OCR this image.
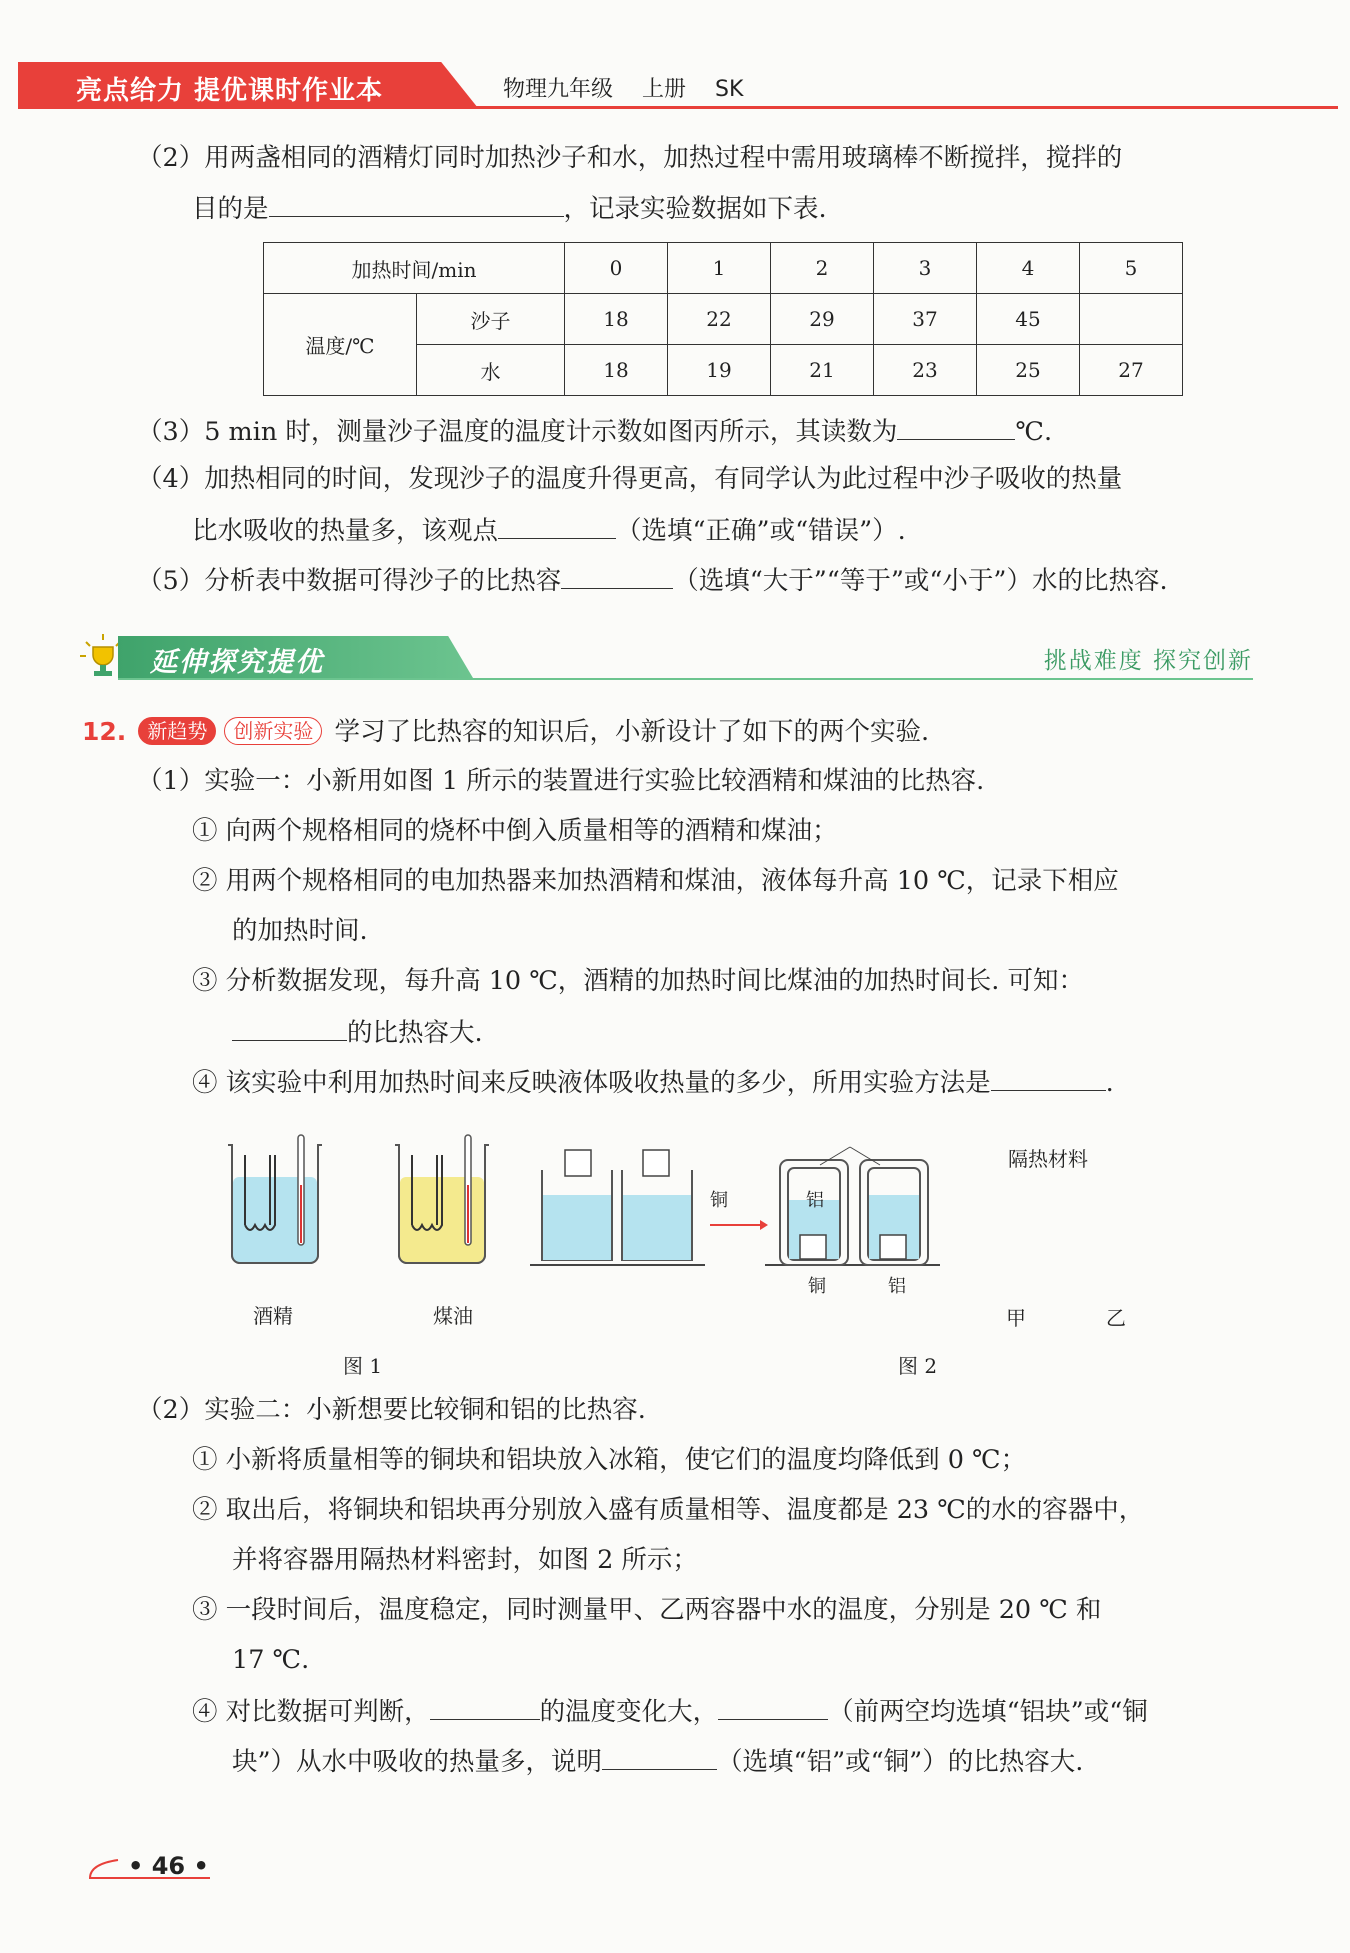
亮点给力 提优课时作业本	物理九年级 上册 SK
（2）用两盏相同的酒精灯同时加热沙子和水，加热过程中需用玻璃棒不断搅拌，搅拌的
目的是	，记录实验数据如下表.
加热时间/min		0	1	2	3	4	5
温度/℃	沙子	18	22	29	37	45	
	水	18	19	21	23	25	27
（3）5 min 时，测量沙子温度的温度计示数如图丙所示，其读数为	℃.
（4）加热相同的时间，发现沙子的温度升得更高，有同学认为此过程中沙子吸收的热量
比水吸收的热量多，该观点	（选填“正确”或“错误”）.
（5）分析表中数据可得沙子的比热容	（选填“大于”“等于”或“小于”）水的比热容.
延伸探究提优	挑战难度 探究创新
12. 新趋势 创新实验 学习了比热容的知识后，小新设计了如下的两个实验.
（1）实验一：小新用如图 1 所示的装置进行实验比较酒精和煤油的比热容.
① 向两个规格相同的烧杯中倒入质量相等的酒精和煤油；
② 用两个规格相同的电加热器来加热酒精和煤油，液体每升高 10 ℃，记录下相应
的加热时间.
③ 分析数据发现，每升高 10 ℃，酒精的加热时间比煤油的加热时间长. 可知：
的比热容大.
④ 该实验中利用加热时间来反映液体吸收热量的多少，所用实验方法是	.
酒精	煤油
图 1
隔热材料
铜	铝
铜	铝
甲	乙
图 2
（2）实验二：小新想要比较铜和铝的比热容.
① 小新将质量相等的铜块和铝块放入冰箱，使它们的温度均降低到 0 ℃；
② 取出后，将铜块和铝块再分别放入盛有质量相等、温度都是 23 ℃的水的容器中，
并将容器用隔热材料密封，如图 2 所示；
③ 一段时间后，温度稳定，同时测量甲、乙两容器中水的温度，分别是 20 ℃ 和
17 ℃.
④ 对比数据可判断，	的温度变化大，	（前两空均选填“铝块”或“铜
块”）从水中吸收的热量多，说明	（选填“铝”或“铜”）的比热容大.
• 46 •
